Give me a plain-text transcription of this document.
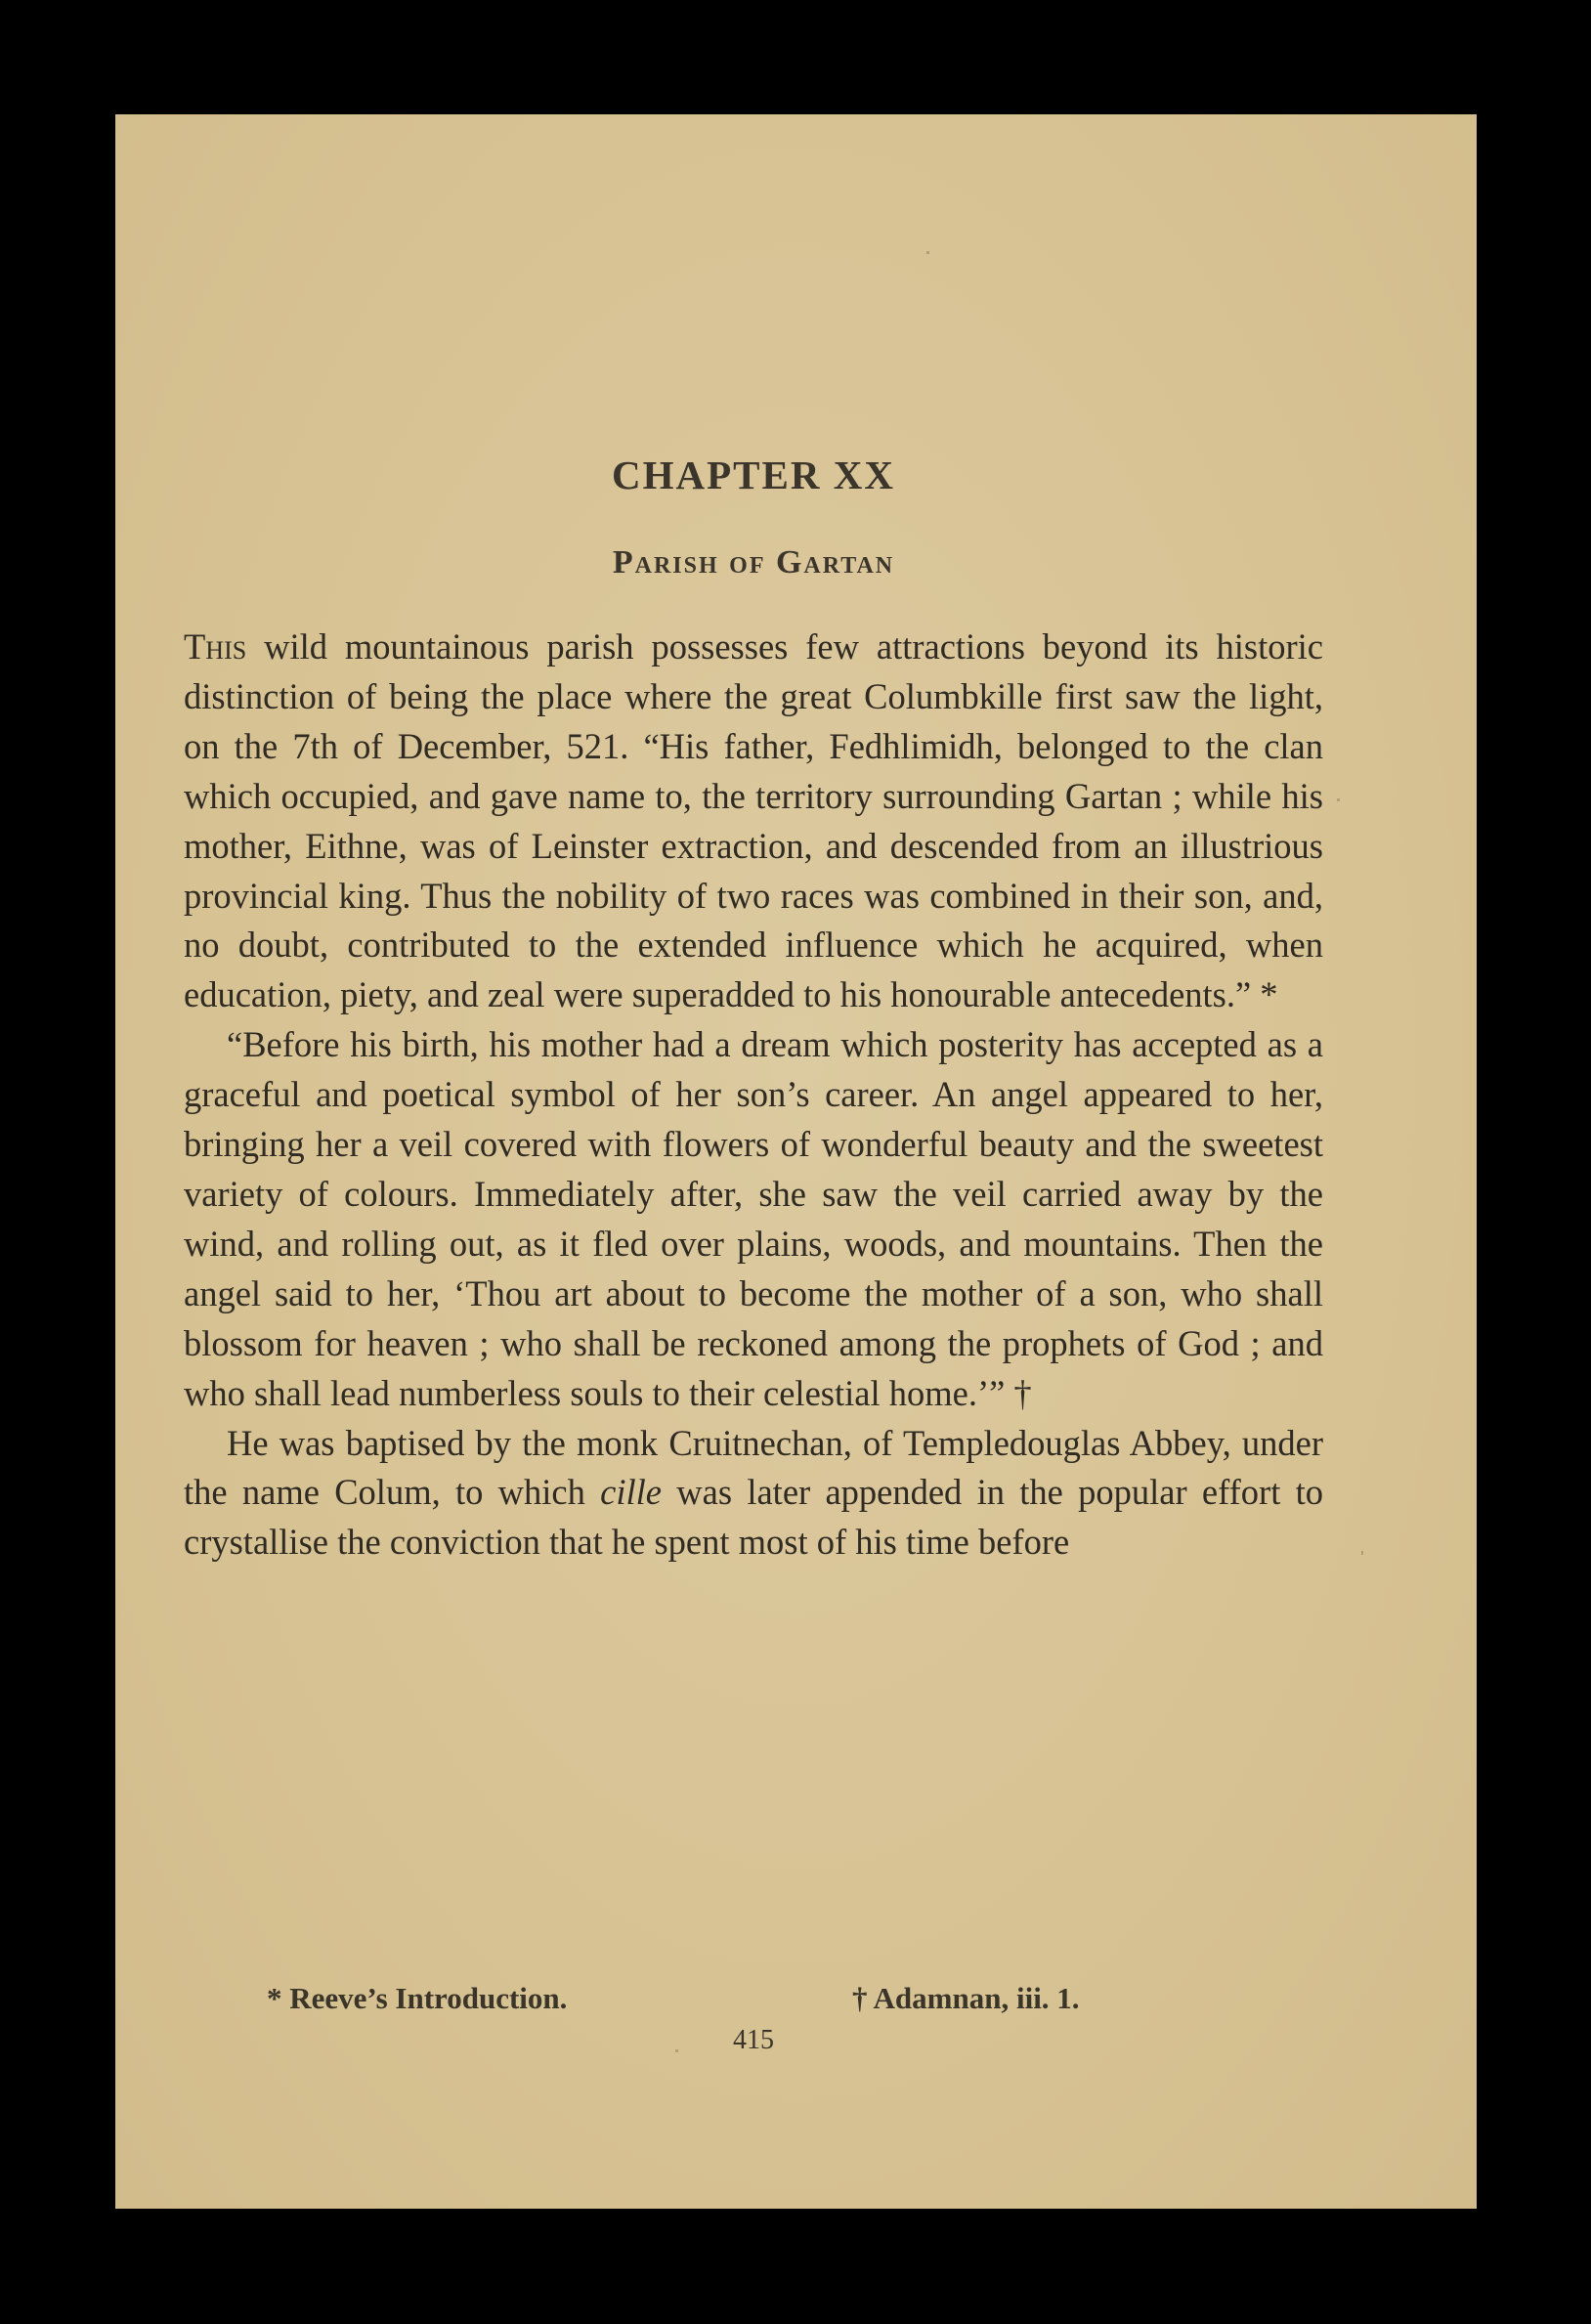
CHAPTER XX
Parish of Gartan

This wild mountainous parish possesses few attractions beyond its historic distinction of being the place where the great Columbkille first saw the light, on the 7th of December, 521. “His father, Fedhlimidh, belonged to the clan which occupied, and gave name to, the territory surrounding Gartan ; while his mother, Eithne, was of Leinster extraction, and descended from an illustrious provincial king. Thus the nobility of two races was combined in their son, and, no doubt, contributed to the extended influence which he acquired, when education, piety, and zeal were superadded to his honourable antecedents.” *

“Before his birth, his mother had a dream which posterity has accepted as a graceful and poetical symbol of her son’s career. An angel appeared to her, bringing her a veil covered with flowers of wonderful beauty and the sweetest variety of colours. Immediately after, she saw the veil carried away by the wind, and rolling out, as it fled over plains, woods, and mountains. Then the angel said to her, ‘Thou art about to become the mother of a son, who shall blossom for heaven ; who shall be reckoned among the prophets of God ; and who shall lead numberless souls to their celestial home.’” †

He was baptised by the monk Cruitnechan, of Templedouglas Abbey, under the name Colum, to which cille was later appended in the popular effort to crystallise the conviction that he spent most of his time before

* Reeve’s Introduction.	† Adamnan, iii. 1.
415
